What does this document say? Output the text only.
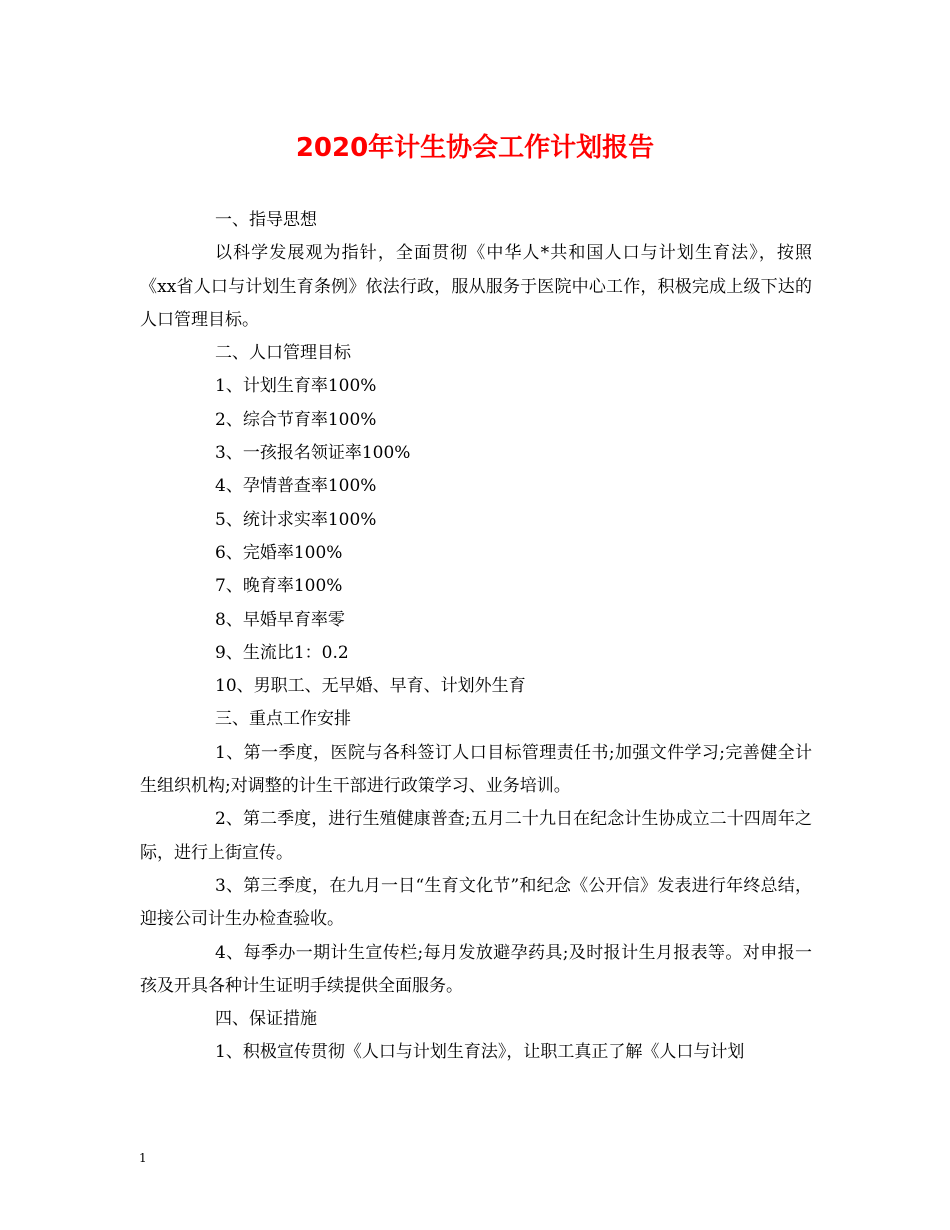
2020年计生协会工作计划报告

一、指导思想

以科学发展观为指针，全面贯彻《中华人*共和国人口与计划生育法》，按照《xx省人口与计划生育条例》依法行政，服从服务于医院中心工作，积极完成上级下达的人口管理目标。

二、人口管理目标

1、计划生育率100%

2、综合节育率100%

3、一孩报名领证率100%

4、孕情普查率100%

5、统计求实率100%

6、完婚率100%

7、晚育率100%

8、早婚早育率零

9、生流比1：0.2

10、男职工、无早婚、早育、计划外生育

三、重点工作安排

1、第一季度，医院与各科签订人口目标管理责任书;加强文件学习;完善健全计生组织机构;对调整的计生干部进行政策学习、业务培训。

2、第二季度，进行生殖健康普查;五月二十九日在纪念计生协成立二十四周年之际，进行上街宣传。

3、第三季度，在九月一日“生育文化节”和纪念《公开信》发表进行年终总结，迎接公司计生办检查验收。

4、每季办一期计生宣传栏;每月发放避孕药具;及时报计生月报表等。对申报一孩及开具各种计生证明手续提供全面服务。

四、保证措施

1、积极宣传贯彻《人口与计划生育法》，让职工真正了解《人口与计划

1
